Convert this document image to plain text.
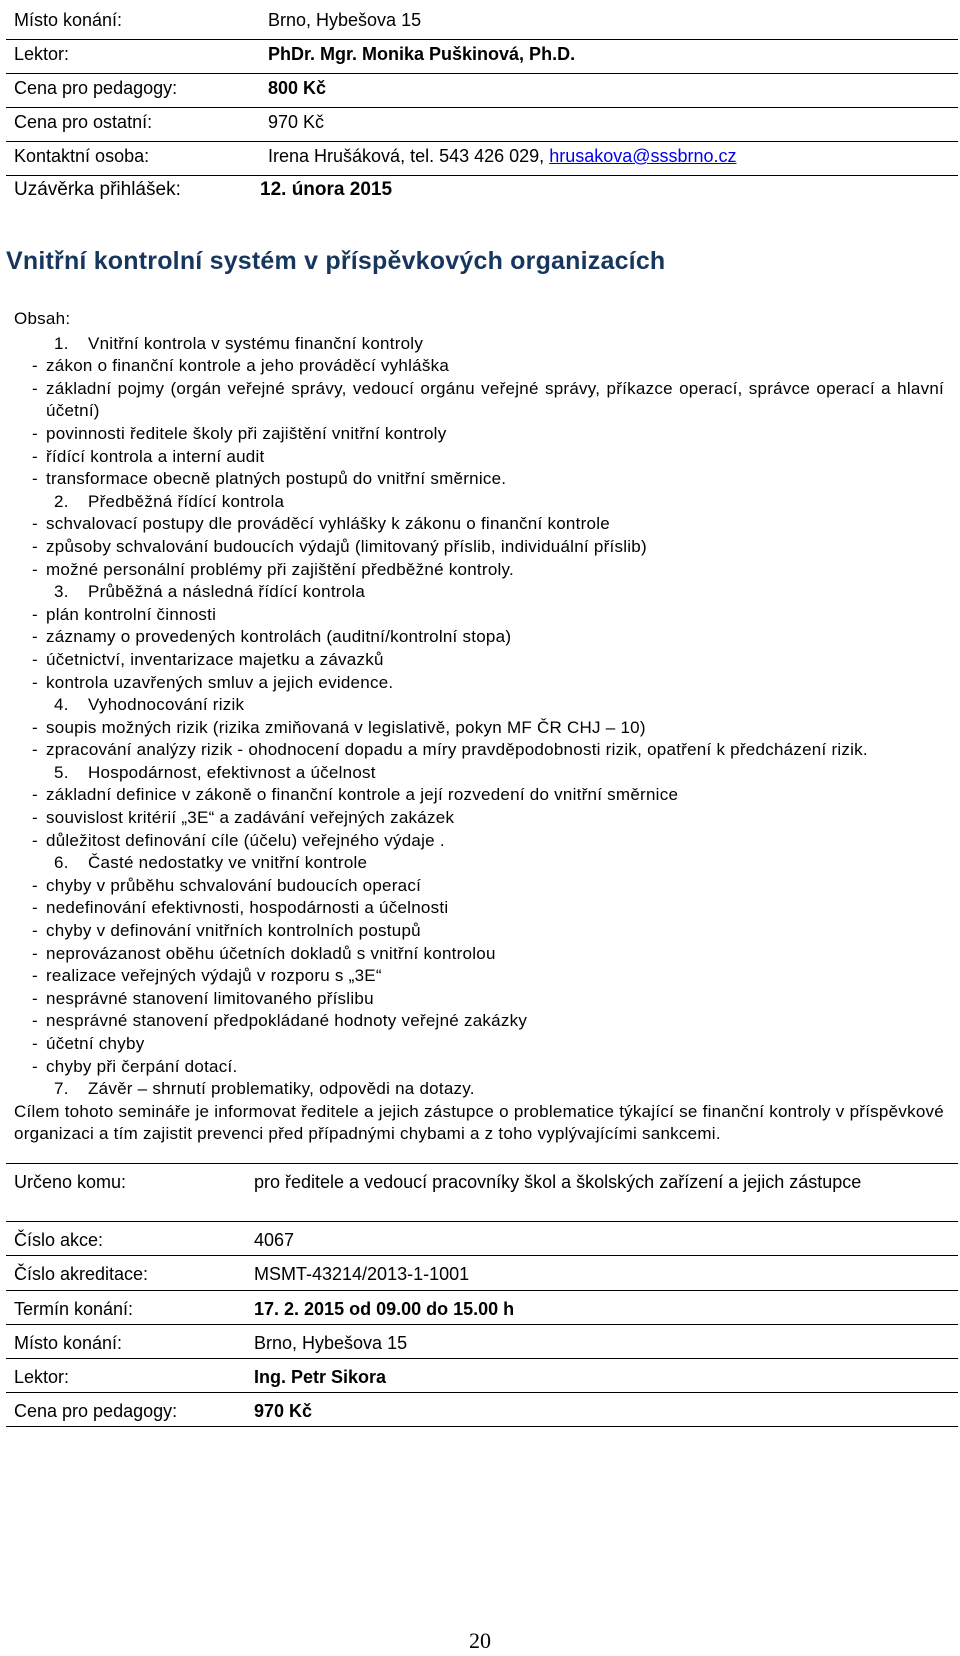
Místo konání:	Brno, Hybešova 15
Lektor:	PhDr. Mgr. Monika Puškinová, Ph.D.
Cena pro pedagogy:	800 Kč
Cena pro ostatní:	970 Kč
Kontaktní osoba:	Irena Hrušáková, tel. 543 426 029, hrusakova@sssbrno.cz
Uzávěrka přihlášek:	12. února 2015
Vnitřní kontrolní systém v příspěvkových organizacích
Obsah:
1. Vnitřní kontrola v systému finanční kontroly
- zákon o finanční kontrole a jeho prováděcí vyhláška
- základní pojmy (orgán veřejné správy, vedoucí orgánu veřejné správy, příkazce operací, správce operací a hlavní účetní)
- povinnosti ředitele školy při zajištění vnitřní kontroly
- řídící kontrola a interní audit
- transformace obecně platných postupů do vnitřní směrnice.
2. Předběžná řídící kontrola
- schvalovací postupy dle prováděcí vyhlášky k zákonu o finanční kontrole
- způsoby schvalování budoucích výdajů (limitovaný příslib, individuální příslib)
- možné personální problémy při zajištění předběžné kontroly.
3. Průběžná a následná řídící kontrola
- plán kontrolní činnosti
- záznamy o provedených kontrolách (auditní/kontrolní stopa)
- účetnictví, inventarizace majetku a závazků
- kontrola uzavřených smluv a jejich evidence.
4. Vyhodnocování rizik
- soupis možných rizik (rizika zmiňovaná v legislativě, pokyn MF ČR CHJ – 10)
- zpracování analýzy rizik - ohodnocení dopadu a míry pravděpodobnosti rizik, opatření k předcházení rizik.
5. Hospodárnost, efektivnost a účelnost
- základní definice v zákoně o finanční kontrole a její rozvedení do vnitřní směrnice
- souvislost kritérií „3E“ a zadávání veřejných zakázek
- důležitost definování cíle (účelu) veřejného výdaje .
6. Časté nedostatky ve vnitřní kontrole
- chyby v průběhu schvalování budoucích operací
- nedefinování efektivnosti, hospodárnosti a účelnosti
- chyby v definování vnitřních kontrolních postupů
- neprovázanost oběhu účetních dokladů s vnitřní kontrolou
- realizace veřejných výdajů v rozporu s „3E“
- nesprávné stanovení limitovaného příslibu
- nesprávné stanovení předpokládané hodnoty veřejné zakázky
- účetní chyby
- chyby při čerpání dotací.
7. Závěr – shrnutí problematiky, odpovědi na dotazy.
Cílem tohoto semináře je informovat ředitele a jejich zástupce o problematice týkající se finanční kontroly v příspěvkové organizaci a tím zajistit prevenci před případnými chybami a z toho vyplývajícími sankcemi.
Určeno komu:	pro ředitele a vedoucí pracovníky škol a školských zařízení a jejich zástupce
Číslo akce:	4067
Číslo akreditace:	MSMT-43214/2013-1-1001
Termín konání:	17. 2. 2015 od 09.00 do 15.00 h
Místo konání:	Brno, Hybešova 15
Lektor:	Ing. Petr Sikora
Cena pro pedagogy:	970 Kč
20
